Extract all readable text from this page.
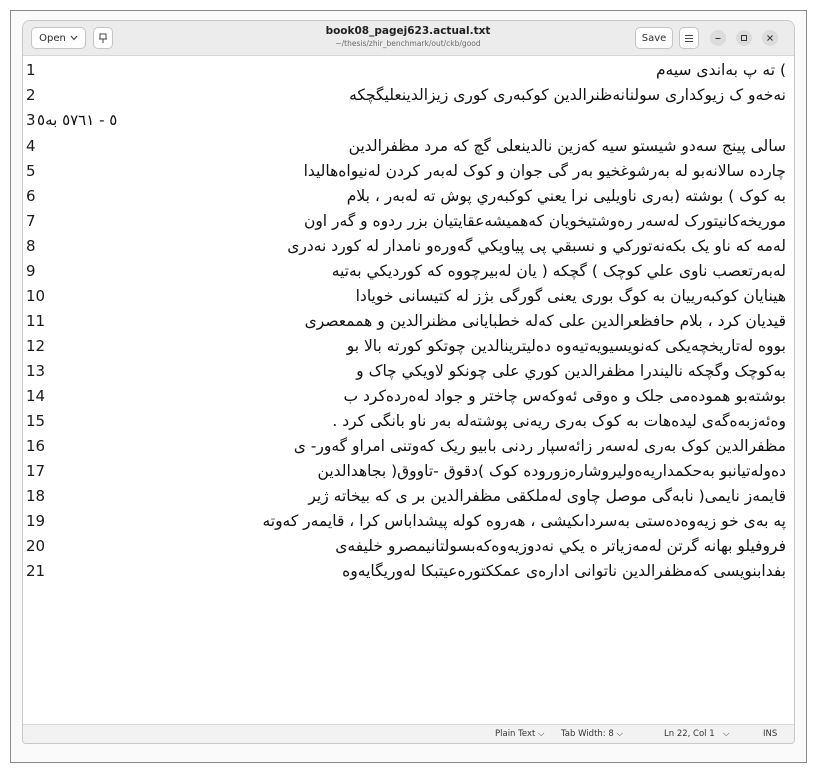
Open
book08_pagej623.actual.txt
~/thesis/zhir_benchmark/out/ckb/good	Save
1	) ته پ بەاندی سيەم
2	نەخەو ک زيوکداری سولنانەظنرالدين کوکبەری کوری زيزالدينعليگچکه
3 ٥ - ٥٧٦١ بە٥
4	سالی پينج سەدو شيستو سيه کەزين نالدينعلی گچ کە مرد مظفرالدين
5	چاردە سالانەبو لە بەرشوغخيو بەر گی جوان و کوک لەبەر کردن لەنيواەهاليدا
6	بە کوک ) بوشته (بەری ناويليی نرا يعني کوکبەري پوش تە لەبەر ، بلام
7	موريخەکانيتورک لەسەر رەوشتيخويان کەهميشەعقايتيان بزر ردوە و گەر اون
8	لەمە کە ناو يک بکەنەتورکي و نسبقي پی پياويکي گەورەو نامدار لە کورد نەدری
9	لەبەرتعصب ناوی علي کوچک ) گچکە ( يان لەبيرچووه کە کورديکي بەتيه
10	هينايان کوکبەرييان بە کوگ بوری يعنی گورگی بژز لە کتيسانی خويادا
11	قيديان کرد ، بلام حافظعرالدين علی کەلە خطبايانی مظنرالدين و هممعصری
12	بووە لەتاريخچەيکی کەنويسيويەتيەوە دەليترينالدين چوتکو کورتە بالا بو
13	بەکوچک وگچکە نالیندرا مظفرالدين کوري علی چونکو لاويکي چاک و
14	بوشتەبو همودەمی جلک و ەوقی ئەوکەس چاختر و جواد لەەردەکرد ب
15	وەئەزبەەگەی ليدەهات بە کوک بەری ريەنی پوشتەلە بەر ناو بانگی کرد .
16	مظفرالدين کوک بەری لەسەر زائەسپار ردنی بابيو ريک کەوتنی امراو گەور- ی
17	دەولەتيانبو بەحکمداريەەوليروشارەزورودە کوک )دقوق -تاووق( بجاهدالدين
18	قايمەز نايمی( نابەگی موصل چاوی لەملکقی مظفرالدين بر ی کە بيخاتە ژير
19	پە بەی خو زيەوەدەستی بەسرداىکيشی ، هەروە کولە پيشداباس کرا ، قايمەر کەوتە
20	فروفيلو بهانە گرتن لەمەزياتر ە يکي نەدوزيەوەکەبسولتانيمصرو خليفەی
21	بفدابنويسی کەمظفرالدين ناتوانی ادارەی عمککتورەعيتبکا لەوريگايەوە
Plain Text ⌵ Tab Width: 8 ⌵	Ln 22, Col 1 ⌵	INS
